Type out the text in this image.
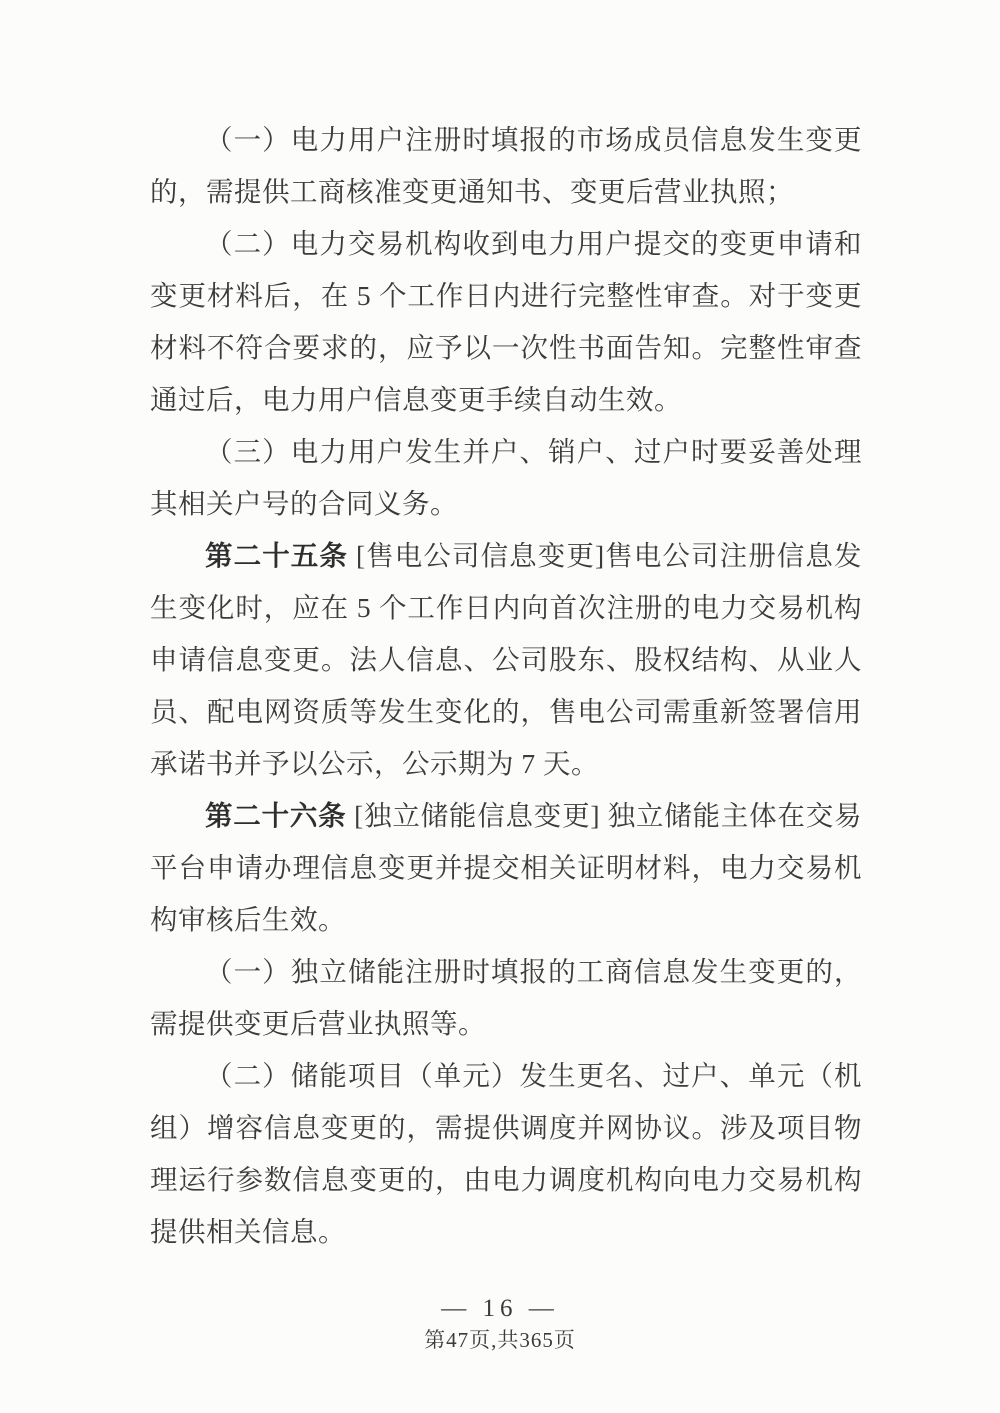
（一）电力用户注册时填报的市场成员信息发生变更的，需提供工商核准变更通知书、变更后营业执照；

（二）电力交易机构收到电力用户提交的变更申请和变更材料后，在 5 个工作日内进行完整性审查。对于变更材料不符合要求的，应予以一次性书面告知。完整性审查通过后，电力用户信息变更手续自动生效。

（三）电力用户发生并户、销户、过户时要妥善处理其相关户号的合同义务。

第二十五条 [售电公司信息变更]售电公司注册信息发生变化时，应在 5 个工作日内向首次注册的电力交易机构申请信息变更。法人信息、公司股东、股权结构、从业人员、配电网资质等发生变化的，售电公司需重新签署信用承诺书并予以公示，公示期为 7 天。

第二十六条 [独立储能信息变更] 独立储能主体在交易平台申请办理信息变更并提交相关证明材料，电力交易机构审核后生效。

（一）独立储能注册时填报的工商信息发生变更的，需提供变更后营业执照等。

（二）储能项目（单元）发生更名、过户、单元（机组）增容信息变更的，需提供调度并网协议。涉及项目物理运行参数信息变更的，由电力调度机构向电力交易机构提供相关信息。

— 16 —
第47页,共365页
